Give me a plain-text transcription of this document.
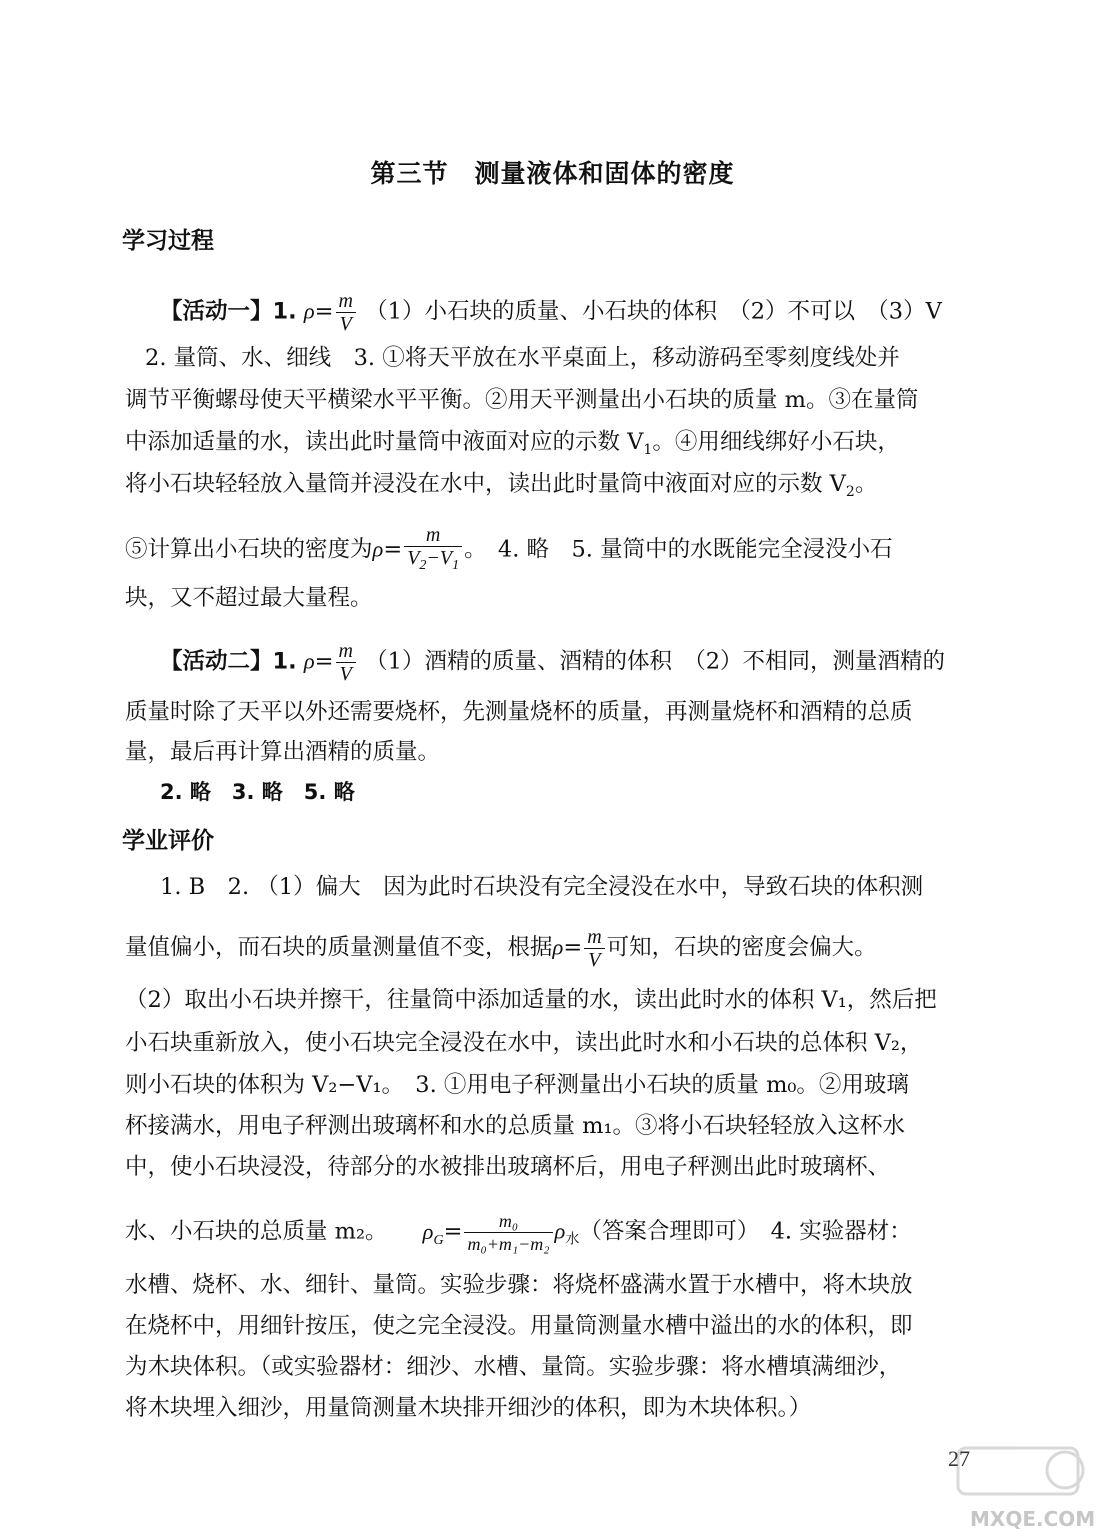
第三节　测量液体和固体的密度
学习过程
【活动一】1. $\rho= \frac{m}{V} (1)$小石块的质量、小石块的体积　（2）不可以　（3）V
2. 量筒、水、细线　3. ①将天平放在水平桌面上，移动游码至零刻度线处并
调节平衡螺母使天平横梁水平平衡。②用天平测量出小石块的质量 m。③在量筒
中添加适量的水，读出此时量筒中液面对应的示数 $V_1$。④用细线绑好小石块，
将小石块轻轻放入量筒并浸没在水中，读出此时量筒中液面对应的示数 $V_2$。
⑤计算出小石块的密度为$\rho= \frac{m}{V_2-V_1}$ 。　4. 略　5. 量筒中的水既能完全浸没小石
块，又不超过最大量程。
【活动二】1. $\rho= \frac{m}{V} (1)$酒精的质量、酒精的体积　（2）不相同，测量酒精的
质量时除了天平以外还需要烧杯，先测量烧杯的质量，再测量烧杯和酒精的总质
量，最后再计算出酒精的质量。
2. 略　3. 略　5. 略
学业评价
1. B　2. （1）偏大　因为此时石块没有完全浸没在水中，导致石块的体积测
量值偏小，而石块的质量测量值不变，根据$\rho= \frac{m}{V}$ 可知，石块的密度会偏大。
（2）取出小石块并擦干，往量筒中添加适量的水，读出此时水的体积 V₁，然后把
小石块重新放入，使小石块完全浸没在水中，读出此时水和小石块的总体积 V₂，
则小石块的体积为 V₂−V₁。　3. ①用电子秤测量出小石块的质量 m₀。②用玻璃
杯接满水，用电子秤测出玻璃杯和水的总质量 m₁。③将小石块轻轻放入这杯水
中，使小石块浸没，待部分的水被排出玻璃杯后，用电子秤测出此时玻璃杯、
水、小石块的总质量 m₂。 $\rho_G= \frac{\text{m₀}}{\text{m₀+m₁−m₂}} \rho_水$（答案合理即可）　4. 实验器材：
水槽、烧杯、水、细针、量筒。实验步骤：将烧杯盛满水置于水槽中，将木块放
在烧杯中，用细针按压，使之完全浸没。用量筒测量水槽中溢出的水的体积，即
为木块体积。（或实验器材：细沙、水槽、量筒。实验步骤：将水槽填满细沙，
将木块埋入细沙，用量筒测量木块排开细沙的体积，即为木块体积。）
27
MXQE.COM
